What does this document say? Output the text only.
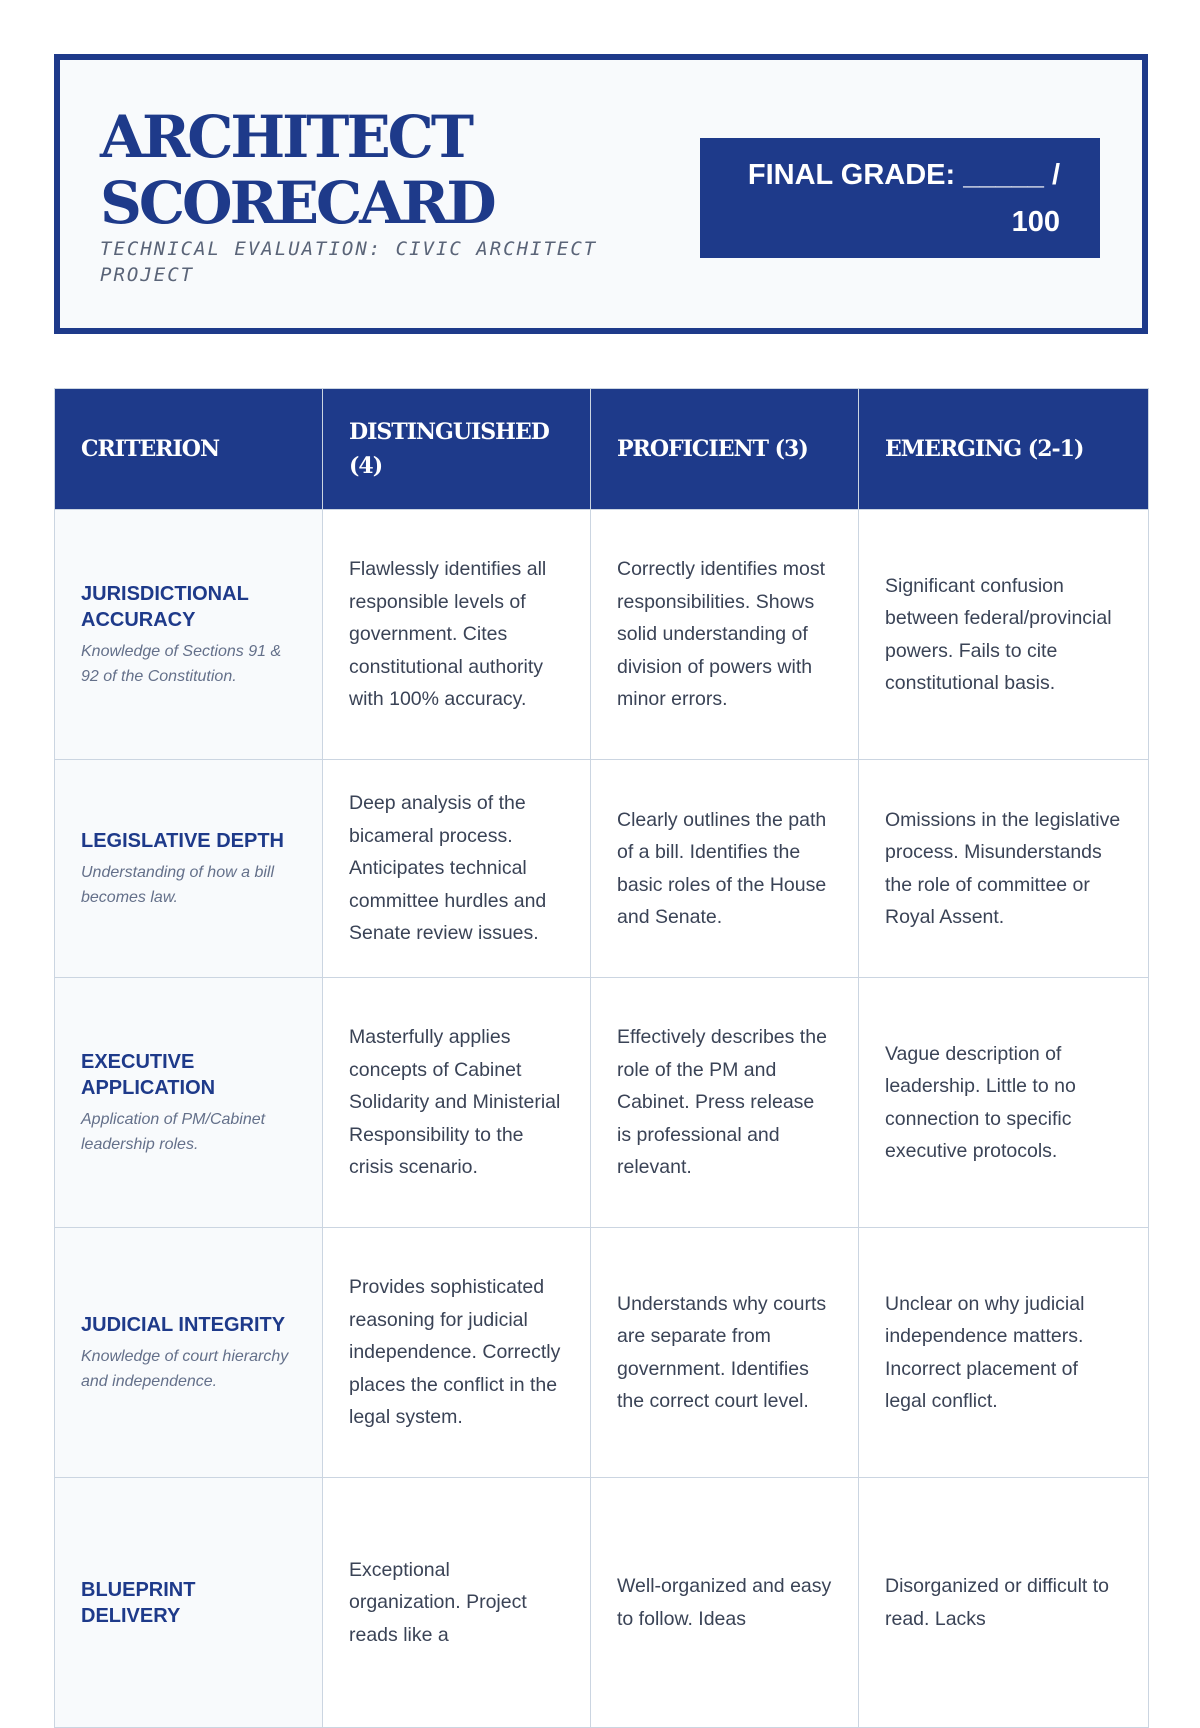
ARCHITECT
SCORECARD
TECHNICAL EVALUATION: CIVIC ARCHITECT PROJECT
FINAL GRADE: _____ /
100
CRITERION	DISTINGUISHED (4)	PROFICIENT (3)	EMERGING (2-1)

JURISDICTIONAL ACCURACY
Knowledge of Sections 91 & 92 of the Constitution.	Flawlessly identifies all responsible levels of government. Cites constitutional authority with 100% accuracy.	Correctly identifies most responsibilities. Shows solid understanding of division of powers with minor errors.	Significant confusion between federal/provincial powers. Fails to cite constitutional basis.

LEGISLATIVE DEPTH
Understanding of how a bill becomes law.	Deep analysis of the bicameral process. Anticipates technical committee hurdles and Senate review issues.	Clearly outlines the path of a bill. Identifies the basic roles of the House and Senate.	Omissions in the legislative process. Misunderstands the role of committee or Royal Assent.

EXECUTIVE APPLICATION
Application of PM/Cabinet leadership roles.	Masterfully applies concepts of Cabinet Solidarity and Ministerial Responsibility to the crisis scenario.	Effectively describes the role of the PM and Cabinet. Press release is professional and relevant.	Vague description of leadership. Little to no connection to specific executive protocols.

JUDICIAL INTEGRITY
Knowledge of court hierarchy and independence.	Provides sophisticated reasoning for judicial independence. Correctly places the conflict in the legal system.	Understands why courts are separate from government. Identifies the correct court level.	Unclear on why judicial independence matters. Incorrect placement of legal conflict.

BLUEPRINT DELIVERY	Exceptional organization. Project reads like a	Well-organized and easy to follow. Ideas	Disorganized or difficult to read. Lacks
